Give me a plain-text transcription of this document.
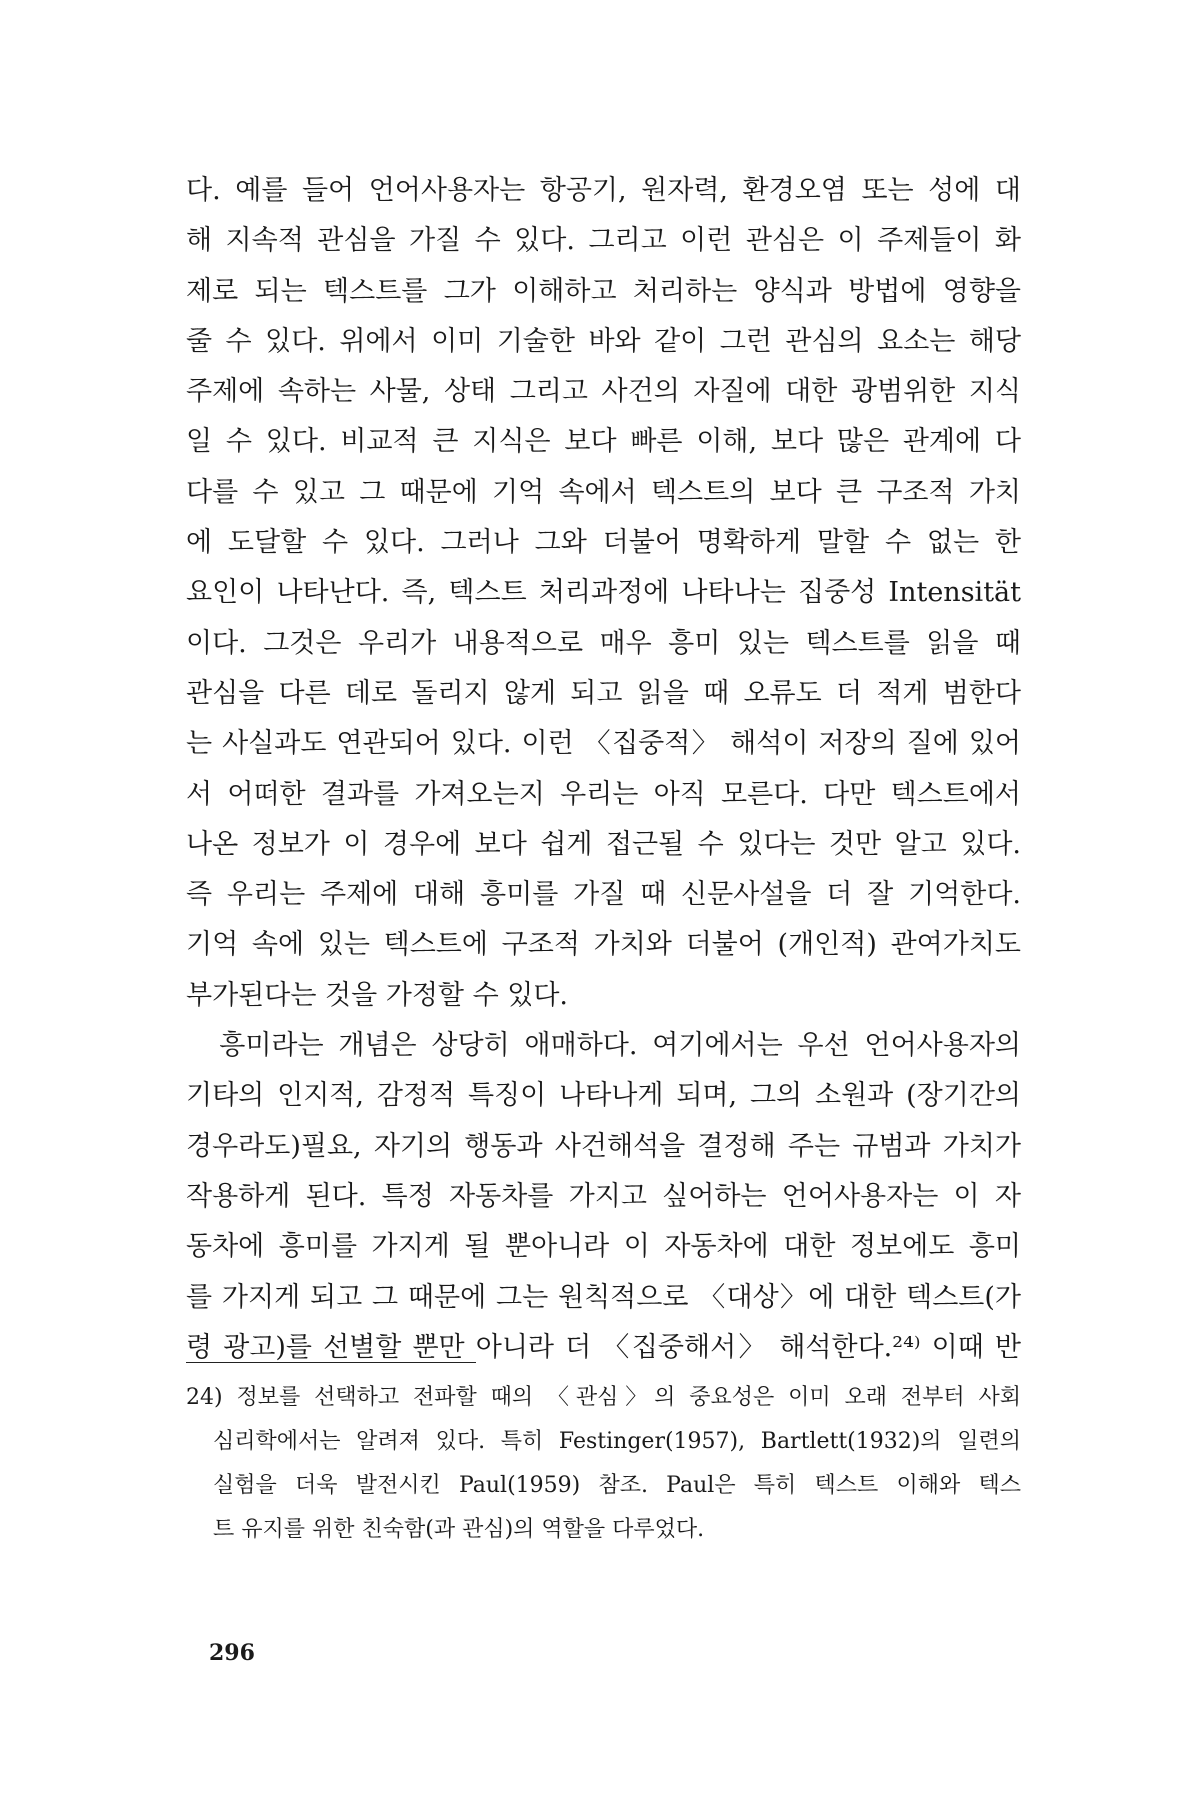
다. 예를 들어 언어사용자는 항공기, 원자력, 환경오염 또는 성에 대
해 지속적 관심을 가질 수 있다. 그리고 이런 관심은 이 주제들이 화
제로 되는 텍스트를 그가 이해하고 처리하는 양식과 방법에 영향을
줄 수 있다. 위에서 이미 기술한 바와 같이 그런 관심의 요소는 해당
주제에 속하는 사물, 상태 그리고 사건의 자질에 대한 광범위한 지식
일 수 있다. 비교적 큰 지식은 보다 빠른 이해, 보다 많은 관계에 다
다를 수 있고 그 때문에 기억 속에서 텍스트의 보다 큰 구조적 가치
에 도달할 수 있다. 그러나 그와 더불어 명확하게 말할 수 없는 한
요인이 나타난다. 즉, 텍스트 처리과정에 나타나는 집중성 Intensität
이다. 그것은 우리가 내용적으로 매우 흥미 있는 텍스트를 읽을 때
관심을 다른 데로 돌리지 않게 되고 읽을 때 오류도 더 적게 범한다
는 사실과도 연관되어 있다. 이런 〈집중적〉 해석이 저장의 질에 있어
서 어떠한 결과를 가져오는지 우리는 아직 모른다. 다만 텍스트에서
나온 정보가 이 경우에 보다 쉽게 접근될 수 있다는 것만 알고 있다.
즉 우리는 주제에 대해 흥미를 가질 때 신문사설을 더 잘 기억한다.
기억 속에 있는 텍스트에 구조적 가치와 더불어 (개인적) 관여가치도
부가된다는 것을 가정할 수 있다.
　흥미라는 개념은 상당히 애매하다. 여기에서는 우선 언어사용자의
기타의 인지적, 감정적 특징이 나타나게 되며, 그의 소원과 (장기간의
경우라도)필요, 자기의 행동과 사건해석을 결정해 주는 규범과 가치가
작용하게 된다. 특정 자동차를 가지고 싶어하는 언어사용자는 이 자
동차에 흥미를 가지게 될 뿐아니라 이 자동차에 대한 정보에도 흥미
를 가지게 되고 그 때문에 그는 원칙적으로 〈대상〉에 대한 텍스트(가
령 광고)를 선별할 뿐만 아니라 더 〈집중해서〉 해석한다.²⁴⁾ 이때 반
24) 정보를 선택하고 전파할 때의 〈관심〉의 중요성은 이미 오래 전부터 사회
심리학에서는 알려져 있다. 특히 Festinger(1957), Bartlett(1932)의 일련의
실험을 더욱 발전시킨 Paul(1959) 참조. Paul은 특히 텍스트 이해와 텍스
트 유지를 위한 친숙함(과 관심)의 역할을 다루었다.
296
